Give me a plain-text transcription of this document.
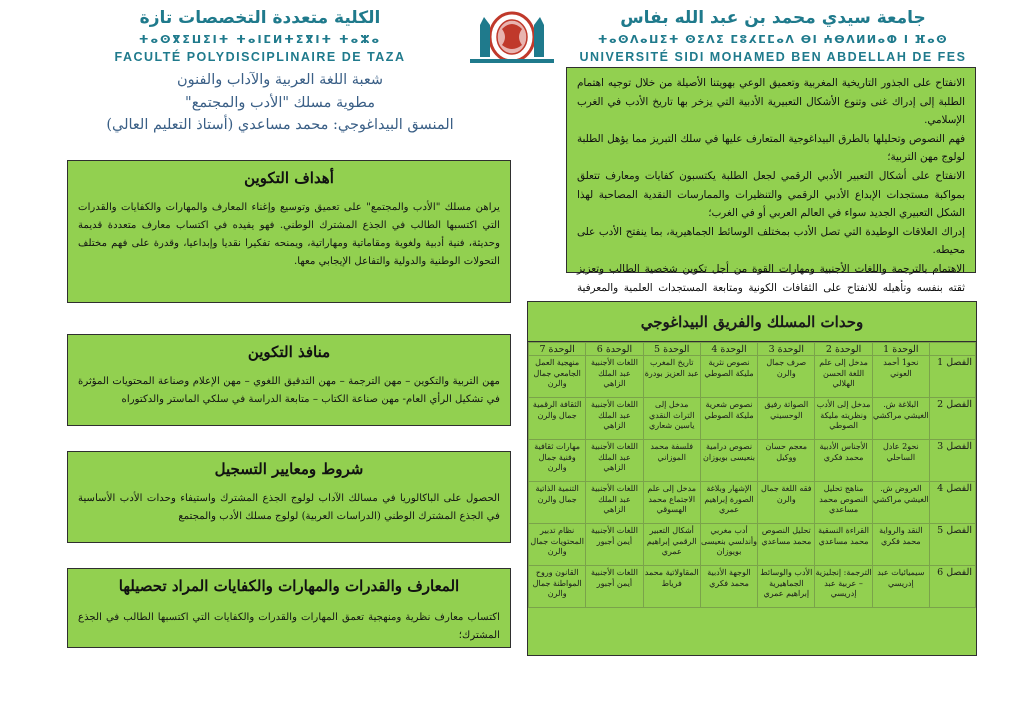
الكلية متعددة التخصصات تازة
ⵜⴰⵙⴳⵉⵡⵉⵏⵜ ⵜⴰⵏⵎⵍⵜⵉⴳⵏⵜ ⵜⴰⵣⴰ
FACULTÉ POLYDISCIPLINAIRE DE TAZA
جامعة سيدي محمد بن عبد الله بفاس
ⵜⴰⵙⴷⴰⵡⵉⵜ ⵙⵉⴷⵉ ⵎⵓⵃⵎⵎⴰⴷ ⴱⵏ ⵄⴱⴷⵍⵍⴰⵀ ⵏ ⴼⴰⵙ
UNIVERSITÉ SIDI MOHAMED BEN ABDELLAH DE FES
شعبة اللغة العربية والآداب والفنون
مطوية مسلك "الأدب والمجتمع"
المنسق البيداغوجي: محمد مساعدي (أستاذ التعليم العالي)
أهداف التكوين

يراهن مسلك "الأدب والمجتمع" على تعميق وتوسيع وإغناء المعارف والمهارات والكفايات والقدرات التي اكتسبها الطالب في الجذع المشترك الوطني. فهو يفيده في اكتساب معارف متعددة قديمة وحديثة، فنية أدبية ولغوية ومقاماتية ومهاراتية، ويمنحه تفكيرا نقديا وإبداعيا، وقدرة على فهم مختلف التحولات الوطنية والدولية والتفاعل الإيجابي معها.

منافذ التكوين

مهن التربية والتكوين – مهن الترجمة – مهن التدقيق اللغوي – مهن الإعلام وصناعة المحتويات المؤثرة في تشكيل الرأي العام- مهن صناعة الكتاب – متابعة الدراسة في سلكي الماستر والدكتوراه

شروط ومعايير التسجيل

الحصول على الباكالوريا في مسالك الآداب لولوج الجذع المشترك واستيفاء وحدات الأدب الأساسية في الجذع المشترك الوطني (الدراسات العربية) لولوج مسلك الأدب والمجتمع

المعارف والقدرات والمهارات والكفايات المراد تحصيلها

اكتساب معارف نظرية ومنهجية تعمق المهارات والقدرات والكفايات التي اكتسبها الطالب في الجذع المشترك؛

الانفتاح على الجذور التاريخية المغربية وتعميق الوعي بهويتنا الأصيلة من خلال توجيه اهتمام الطلبة إلى إدراك غنى وتنوع الأشكال التعبيرية الأدبية التي يزخر بها تاريخ الأدب في الغرب الإسلامي.
فهم النصوص وتحليلها بالطرق البيداغوجية المتعارف عليها في سلك التبريز مما يؤهل الطلبة لولوج مهن التربية؛
الانفتاح على أشكال التعبير الأدبي الرقمي لجعل الطلبة يكتسبون كفايات ومعارف تتعلق بمواكبة مستجدات الإبداع الأدبي الرقمي والتنظيرات والممارسات النقدية المصاحبة لهذا الشكل التعبيري الجديد سواء في العالم العربي أو في الغرب؛
إدراك العلاقات الوطيدة التي تصل الأدب بمختلف الوسائط الجماهيرية، بما ينفتح الأدب على محيطه.
الاهتمام بالترجمة واللغات الأجنبية ومهارات القوة من أجل تكوين شخصية الطالب وتعزيز ثقته بنفسه وتأهيله للانفتاح على الثقافات الكونية ومتابعة المستجدات العلمية والمعرفية

وحدات المسلك والفريق البيداغوجي
	الوحدة 1	الوحدة 2	الوحدة 3	الوحدة 4	الوحدة 5	الوحدة 6	الوحدة 7
الفصل 1	نحو1 أحمد العوني	مدخل إلى علم اللغة الحسن الهلالي	صرف جمال والرن	نصوص نثرية مليكة الصوطي	تاريخ المغرب عبد العزيز بودرة	اللغات الأجنبية عبد الملك الزاهي	منهجية العمل الجامعي جمال والرن
الفصل 2	البلاغة ش. الغيشي مراكشي	مدخل إلى الأدب ونظريته مليكة الصوطي	الصواتة رفيق الوحسيني	نصوص شعرية مليكة الصوطي	مدخل إلى التراث النقدي ياسين شعاري	اللغات الأجنبية عبد الملك الزاهي	الثقافة الرقمية جمال والرن
الفصل 3	نحو2 عادل الساحلي	الأجناس الأدبية محمد فكري	معجم حسان ووكيل	نصوص درامية بنعيسى بويوزان	فلسفة محمد الموزاني	اللغات الأجنبية عبد الملك الزاهي	مهارات ثقافية وفنية جمال والرن
الفصل 4	العروض ش. الغيشي مراكشي	مناهج تحليل النصوص محمد مساعدي	فقه اللغة جمال والرن	الإشهار وبلاغة الصورة إبراهيم عمري	مدخل إلى علم الاجتماع محمد الهسوقي	اللغات الأجنبية عبد الملك الزاهي	التنمية الذاتية جمال والرن
الفصل 5	النقد والرواية محمد فكري	القراءة النسقية محمد مساعدي	تحليل النصوص محمد مساعدي	أدب مغربي وأندلسي بنعيسى بويوزان	أشكال التعبير الرقمي إبراهيم عمري	اللغات الأجنبية أيمن أجبور	نظام تدبير المحتويات جمال والرن
الفصل 6	سيميائيات عبد إدريسي	الترجمة: إنجليزية – عربية عبد إدريسي	الأدب والوسائط الجماهيرية إبراهيم عمري	الوجهة الأدبية محمد فكري	المقاولاتية محمد فرياط	اللغات الأجنبية أيمن أجبور	القانون وروح المواطنة جمال والرن
